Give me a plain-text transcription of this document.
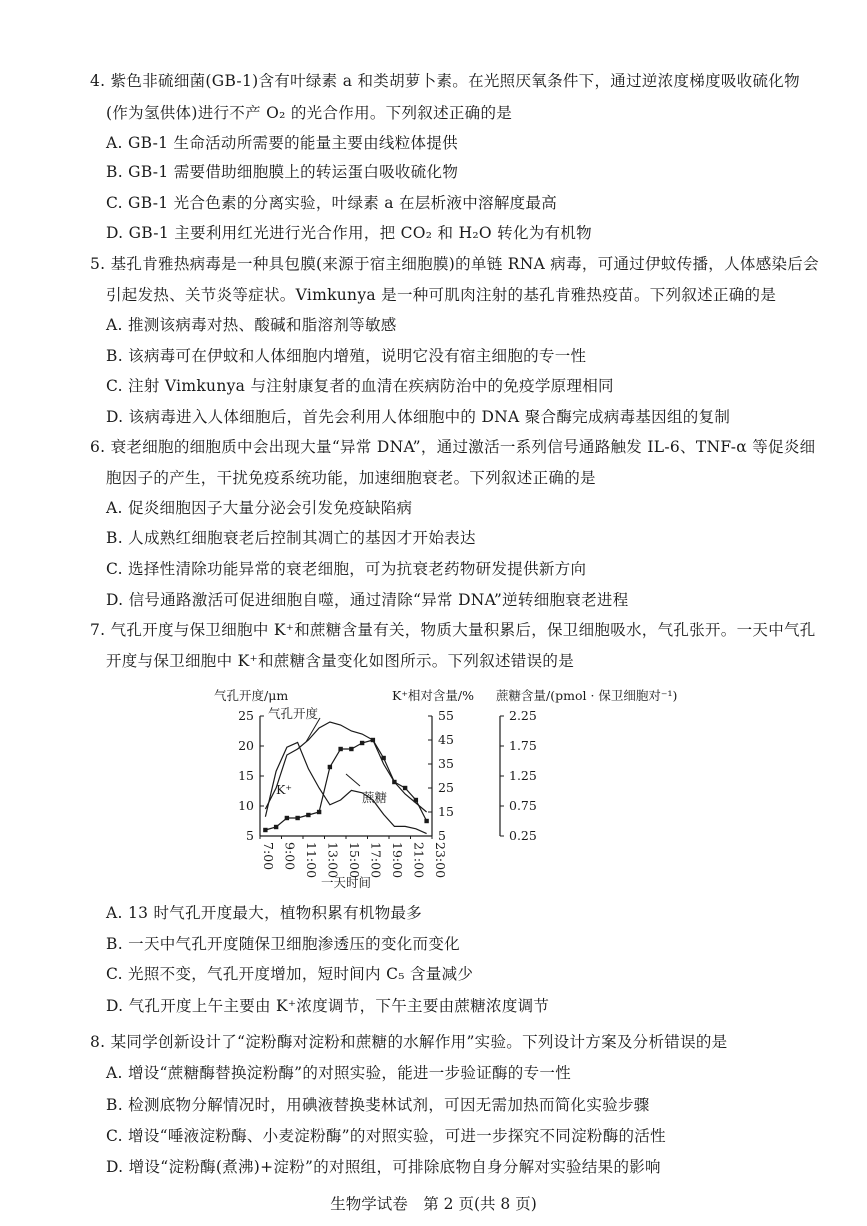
4. 紫色非硫细菌(GB-1)含有叶绿素 a 和类胡萝卜素。在光照厌氧条件下，通过逆浓度梯度吸收硫化物
(作为氢供体)进行不产 O₂ 的光合作用。下列叙述正确的是
A. GB-1 生命活动所需要的能量主要由线粒体提供
B. GB-1 需要借助细胞膜上的转运蛋白吸收硫化物
C. GB-1 光合色素的分离实验，叶绿素 a 在层析液中溶解度最高
D. GB-1 主要利用红光进行光合作用，把 CO₂ 和 H₂O 转化为有机物
5. 基孔肯雅热病毒是一种具包膜(来源于宿主细胞膜)的单链 RNA 病毒，可通过伊蚊传播，人体感染后会
引起发热、关节炎等症状。Vimkunya 是一种可肌肉注射的基孔肯雅热疫苗。下列叙述正确的是
A. 推测该病毒对热、酸碱和脂溶剂等敏感
B. 该病毒可在伊蚊和人体细胞内增殖，说明它没有宿主细胞的专一性
C. 注射 Vimkunya 与注射康复者的血清在疾病防治中的免疫学原理相同
D. 该病毒进入人体细胞后，首先会利用人体细胞中的 DNA 聚合酶完成病毒基因组的复制
6. 衰老细胞的细胞质中会出现大量“异常 DNA”，通过激活一系列信号通路触发 IL-6、TNF-α 等促炎细
胞因子的产生，干扰免疫系统功能，加速细胞衰老。下列叙述正确的是
A. 促炎细胞因子大量分泌会引发免疫缺陷病
B. 人成熟红细胞衰老后控制其凋亡的基因才开始表达
C. 选择性清除功能异常的衰老细胞，可为抗衰老药物研发提供新方向
D. 信号通路激活可促进细胞自噬，通过清除“异常 DNA”逆转细胞衰老进程
7. 气孔开度与保卫细胞中 K⁺和蔗糖含量有关，物质大量积累后，保卫细胞吸水，气孔张开。一天中气孔
开度与保卫细胞中 K⁺和蔗糖含量变化如图所示。下列叙述错误的是
5
10
15
20
25
气孔开度/μm
5
15
25
35
45
55
K⁺相对含量/%
0.25
0.75
1.25
1.75
2.25
蔗糖含量/(pmol · 保卫细胞对⁻¹)
7:00 9:00 11:00 13:00 15:00 17:00 19:00 21:00 23:00
一天时间
气孔开度
蔗糖
K⁺
A. 13 时气孔开度最大，植物积累有机物最多
B. 一天中气孔开度随保卫细胞渗透压的变化而变化
C. 光照不变，气孔开度增加，短时间内 C₅ 含量减少
D. 气孔开度上午主要由 K⁺浓度调节，下午主要由蔗糖浓度调节
8. 某同学创新设计了“淀粉酶对淀粉和蔗糖的水解作用”实验。下列设计方案及分析错误的是
A. 增设“蔗糖酶替换淀粉酶”的对照实验，能进一步验证酶的专一性
B. 检测底物分解情况时，用碘液替换斐林试剂，可因无需加热而简化实验步骤
C. 增设“唾液淀粉酶、小麦淀粉酶”的对照实验，可进一步探究不同淀粉酶的活性
D. 增设“淀粉酶(煮沸)+淀粉”的对照组，可排除底物自身分解对实验结果的影响
生物学试卷　第 2 页(共 8 页)
